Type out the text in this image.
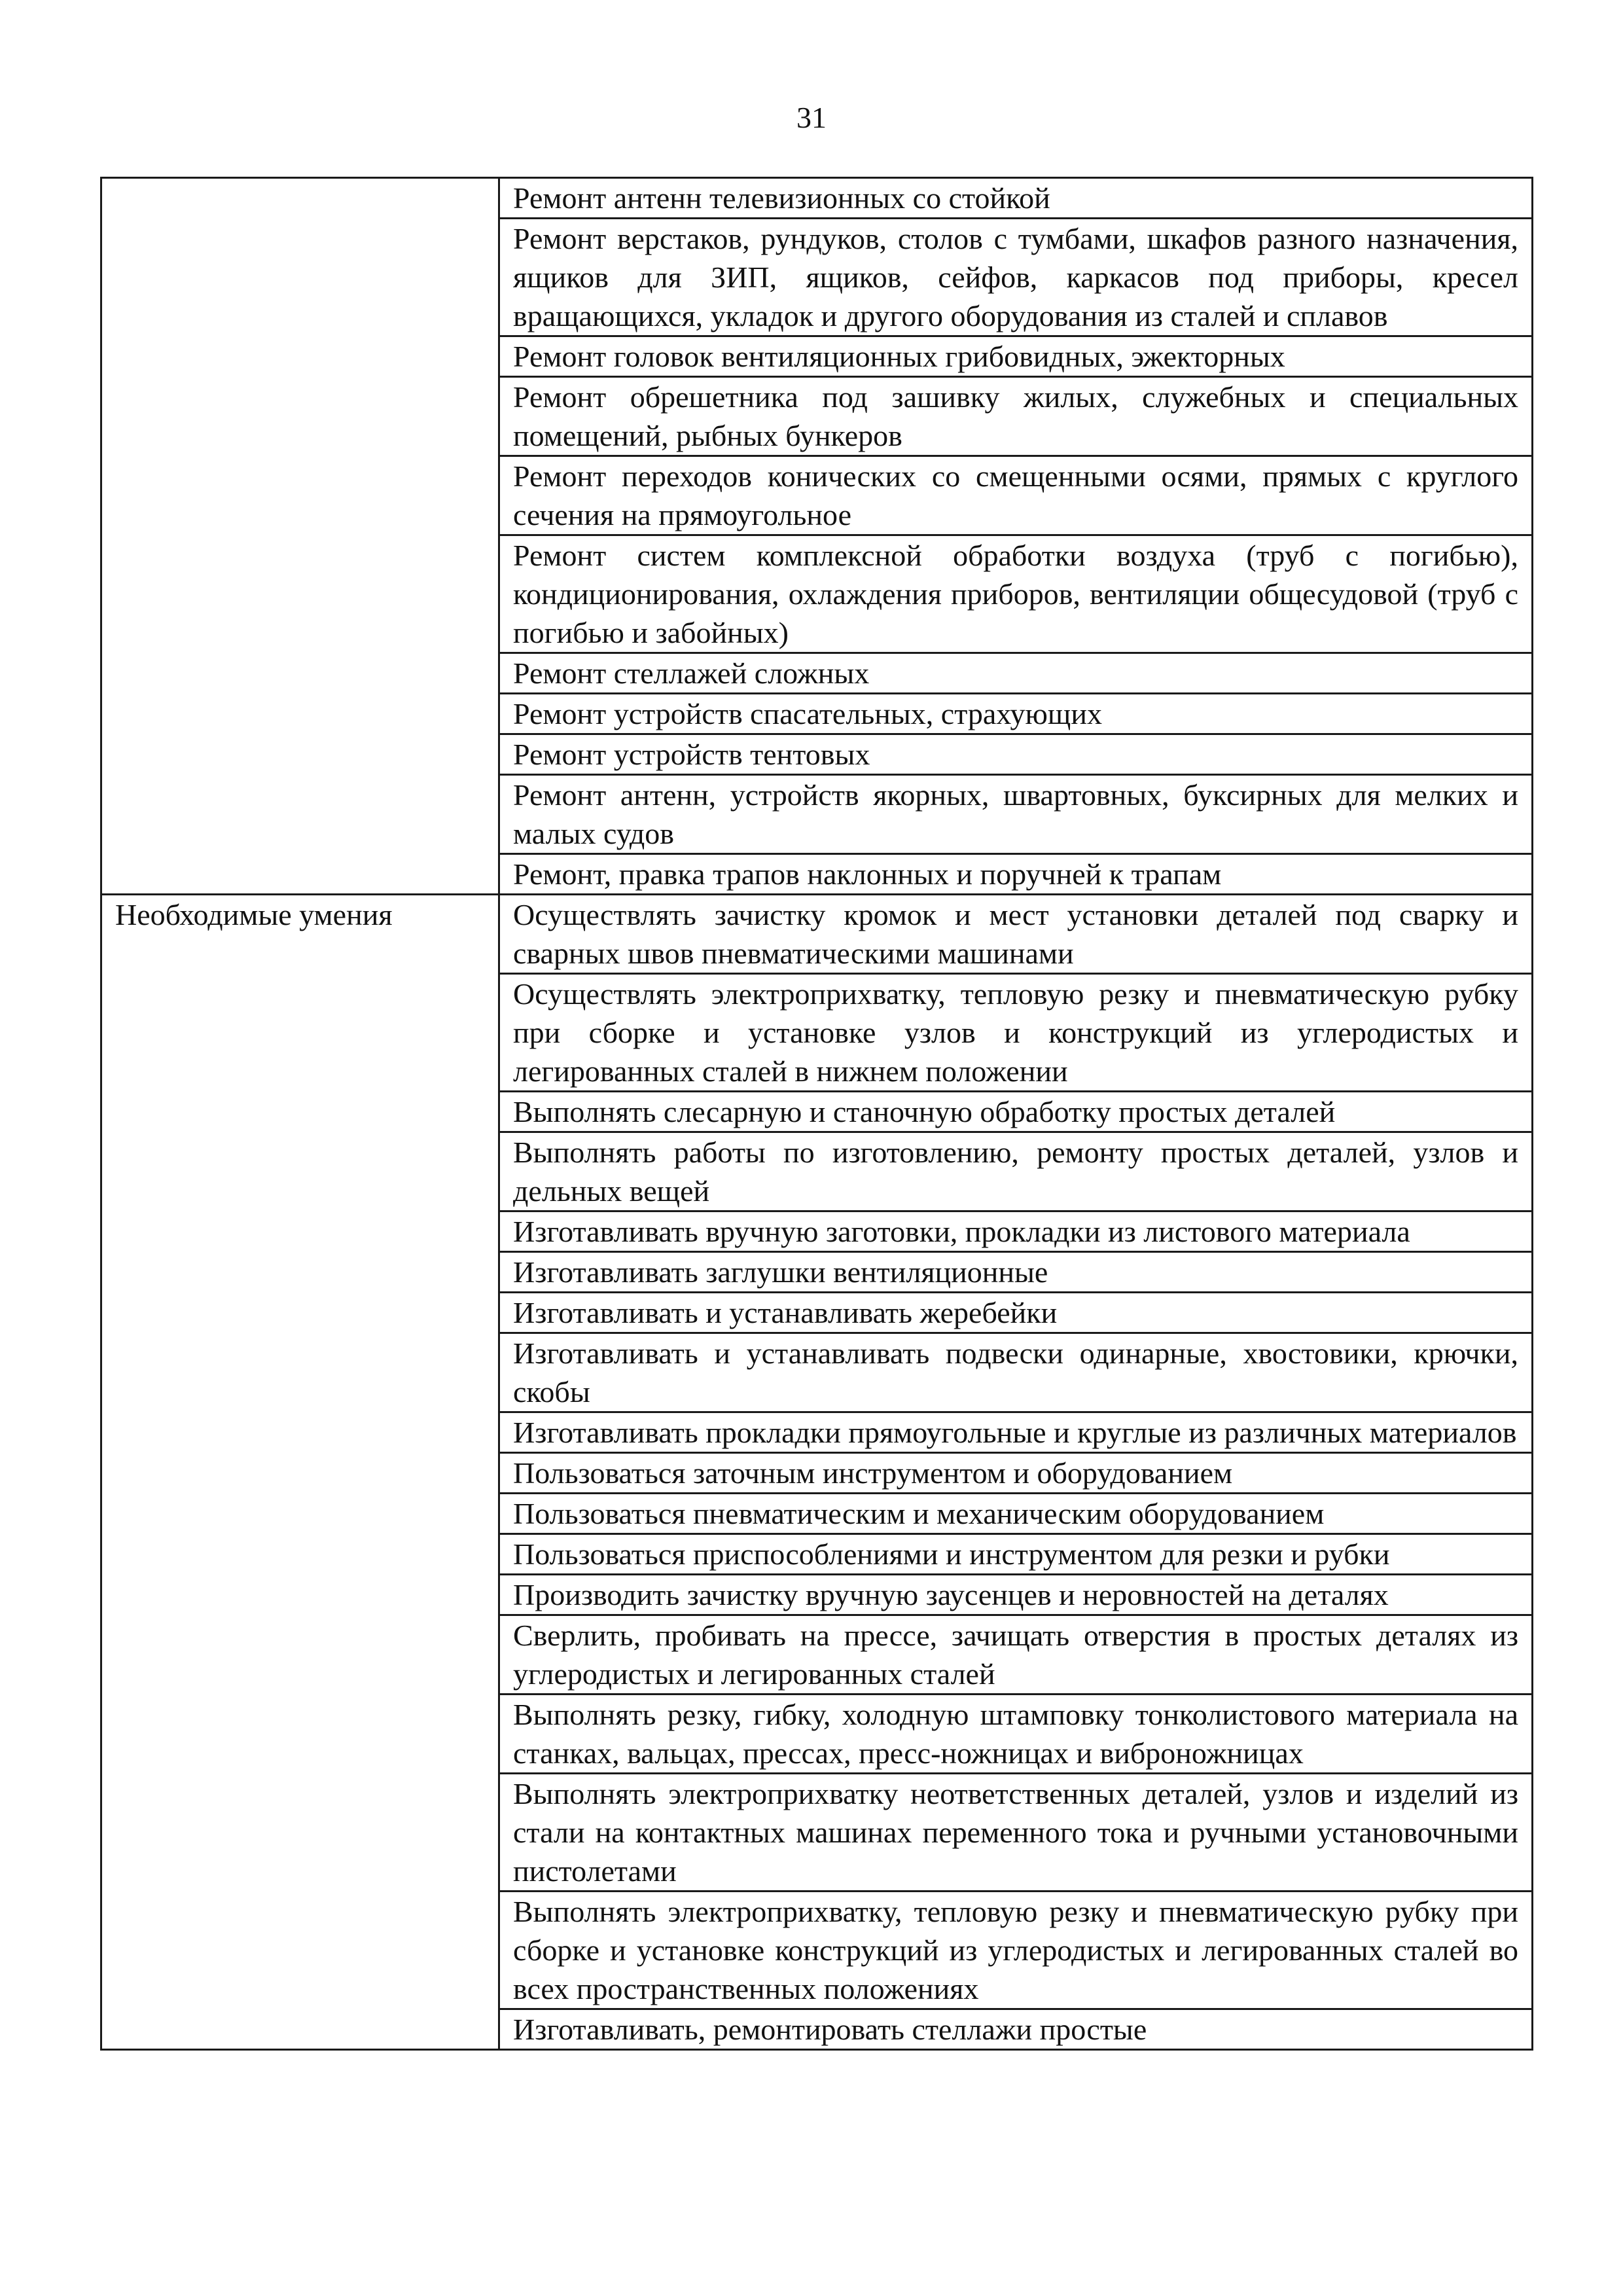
31
	Ремонт антенн телевизионных со стойкой
	Ремонт верстаков, рундуков, столов с тумбами, шкафов разного назначения, ящиков для ЗИП, ящиков, сейфов, каркасов под приборы, кресел вращающихся, укладок и другого оборудования из сталей и сплавов
	Ремонт головок вентиляционных грибовидных, эжекторных
	Ремонт обрешетника под зашивку жилых, служебных и специальных помещений, рыбных бункеров
	Ремонт переходов конических со смещенными осями, прямых с круглого сечения на прямоугольное
	Ремонт систем комплексной обработки воздуха (труб с погибью), кондиционирования, охлаждения приборов, вентиляции общесудовой (труб с погибью и забойных)
	Ремонт стеллажей сложных
	Ремонт устройств спасательных, страхующих
	Ремонт устройств тентовых
	Ремонт антенн, устройств якорных, швартовных, буксирных для мелких и малых судов
	Ремонт, правка трапов наклонных и поручней к трапам
Необходимые умения	Осуществлять зачистку кромок и мест установки деталей под сварку и сварных швов пневматическими машинами
	Осуществлять электроприхватку, тепловую резку и пневматическую рубку при сборке и установке узлов и конструкций из углеродистых и легированных сталей в нижнем положении
	Выполнять слесарную и станочную обработку простых деталей
	Выполнять работы по изготовлению, ремонту простых деталей, узлов и дельных вещей
	Изготавливать вручную заготовки, прокладки из листового материала
	Изготавливать заглушки вентиляционные
	Изготавливать и устанавливать жеребейки
	Изготавливать и устанавливать подвески одинарные, хвостовики, крючки, скобы
	Изготавливать прокладки прямоугольные и круглые из различных материалов
	Пользоваться заточным инструментом и оборудованием
	Пользоваться пневматическим и механическим оборудованием
	Пользоваться приспособлениями и инструментом для резки и рубки
	Производить зачистку вручную заусенцев и неровностей на деталях
	Сверлить, пробивать на прессе, зачищать отверстия в простых деталях из углеродистых и легированных сталей
	Выполнять резку, гибку, холодную штамповку тонколистового материала на станках, вальцах, прессах, пресс-ножницах и виброножницах
	Выполнять электроприхватку неответственных деталей, узлов и изделий из стали на контактных машинах переменного тока и ручными установочными пистолетами
	Выполнять электроприхватку, тепловую резку и пневматическую рубку при сборке и установке конструкций из углеродистых и легированных сталей во всех пространственных положениях
	Изготавливать, ремонтировать стеллажи простые
